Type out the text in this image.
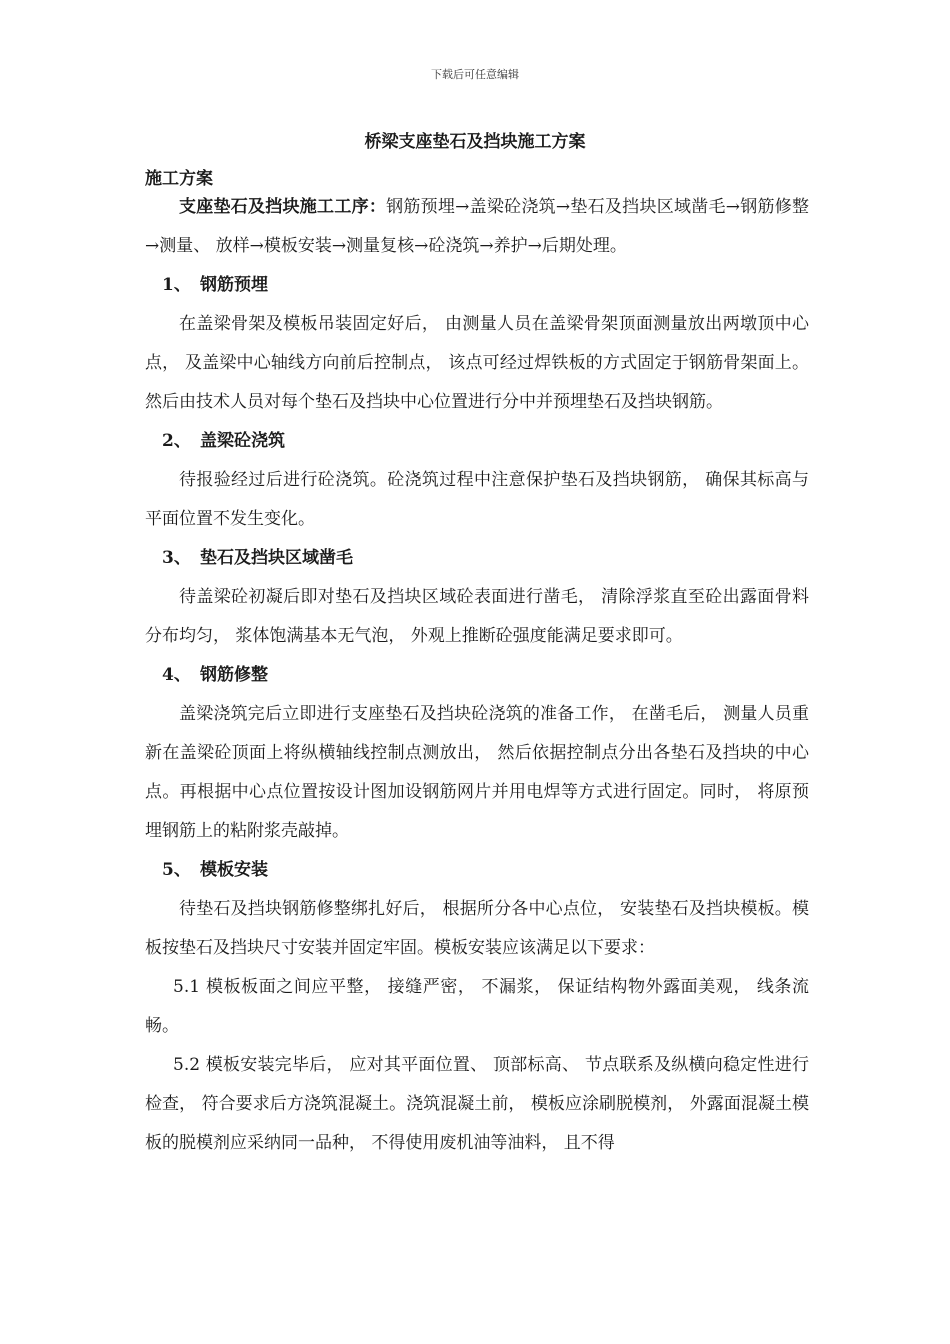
下载后可任意编辑
桥梁支座垫石及挡块施工方案
施工方案

支座垫石及挡块施工工序：钢筋预埋→盖梁砼浇筑→垫石及挡块区域凿毛→钢筋修整→测量、 放样→模板安装→测量复核→砼浇筑→养护→后期处理。

1、 钢筋预埋

在盖梁骨架及模板吊装固定好后， 由测量人员在盖梁骨架顶面测量放出两墩顶中心点， 及盖梁中心轴线方向前后控制点， 该点可经过焊铁板的方式固定于钢筋骨架面上。然后由技术人员对每个垫石及挡块中心位置进行分中并预埋垫石及挡块钢筋。

2、 盖梁砼浇筑

待报验经过后进行砼浇筑。砼浇筑过程中注意保护垫石及挡块钢筋， 确保其标高与平面位置不发生变化。

3、 垫石及挡块区域凿毛

待盖梁砼初凝后即对垫石及挡块区域砼表面进行凿毛， 清除浮浆直至砼出露面骨料分布均匀， 浆体饱满基本无气泡， 外观上推断砼强度能满足要求即可。

4、 钢筋修整

盖梁浇筑完后立即进行支座垫石及挡块砼浇筑的准备工作， 在凿毛后， 测量人员重新在盖梁砼顶面上将纵横轴线控制点测放出， 然后依据控制点分出各垫石及挡块的中心点。再根据中心点位置按设计图加设钢筋网片并用电焊等方式进行固定。同时， 将原预埋钢筋上的粘附浆壳敲掉。

5、 模板安装

待垫石及挡块钢筋修整绑扎好后， 根据所分各中心点位， 安装垫石及挡块模板。模板按垫石及挡块尺寸安装并固定牢固。模板安装应该满足以下要求：

5.1 模板板面之间应平整， 接缝严密， 不漏浆， 保证结构物外露面美观， 线条流畅。

5.2 模板安装完毕后， 应对其平面位置、 顶部标高、 节点联系及纵横向稳定性进行检查， 符合要求后方浇筑混凝土。浇筑混凝土前， 模板应涂刷脱模剂， 外露面混凝土模板的脱模剂应采纳同一品种， 不得使用废机油等油料， 且不得
